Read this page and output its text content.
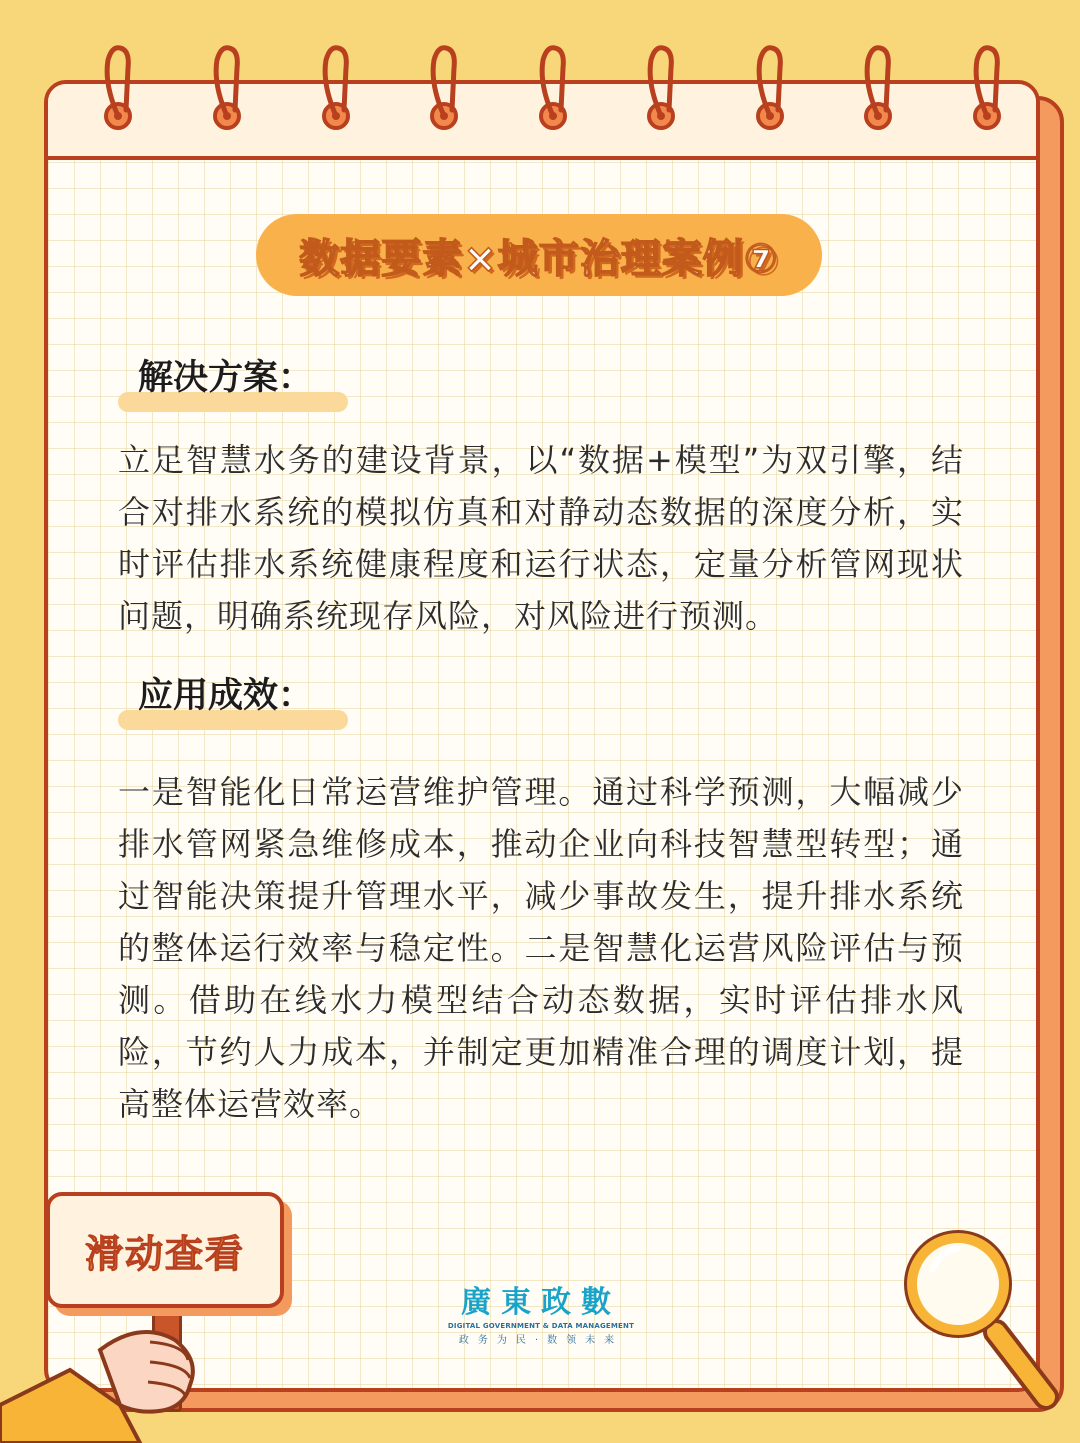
数据要素×城市治理案例⑦
解决方案：
立足智慧水务的建设背景，以“数据+模型”为双引擎，结合对排水系统的模拟仿真和对静动态数据的深度分析，实时评估排水系统健康程度和运行状态，定量分析管网现状问题，明确系统现存风险，对风险进行预测。
应用成效：
一是智能化日常运营维护管理。通过科学预测，大幅减少排水管网紧急维修成本，推动企业向科技智慧型转型；通过智能决策提升管理水平，减少事故发生，提升排水系统的整体运行效率与稳定性。二是智慧化运营风险评估与预测。借助在线水力模型结合动态数据，实时评估排水风险，节约人力成本，并制定更加精准合理的调度计划，提高整体运营效率。
滑动查看
廣東政數
DIGITAL GOVERNMENT & DATA MANAGEMENT
政务为民·数领未来
